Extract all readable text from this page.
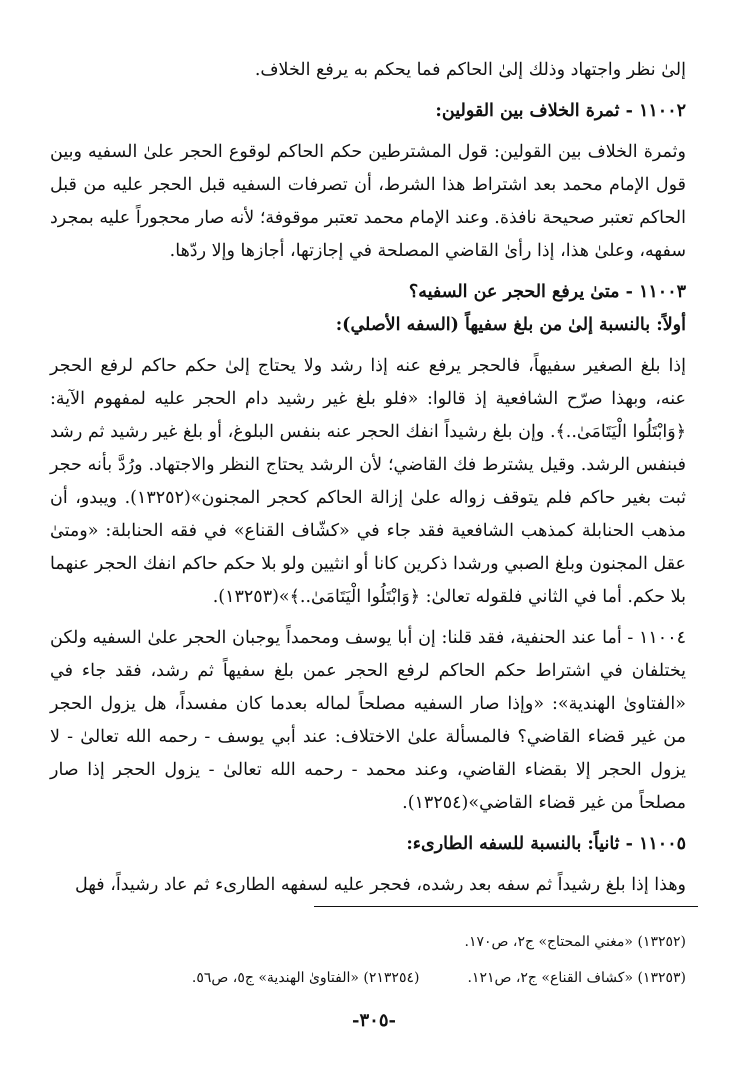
إلىٰ نظر واجتهاد وذلك إلىٰ الحاكم فما يحكم به يرفع الخلاف.

١١٠٠٢ - ثمرة الخلاف بين القولين:

وثمرة الخلاف بين القولين: قول المشترطين حكم الحاكم لوقوع الحجر علىٰ السفيه وبين قول الإمام محمد بعد اشتراط هذا الشرط، أن تصرفات السفيه قبل الحجر عليه من قبل الحاكم تعتبر صحيحة نافذة. وعند الإمام محمد تعتبر موقوفة؛ لأنه صار محجوراً عليه بمجرد سفهه، وعلىٰ هذا، إذا رأىٰ القاضي المصلحة في إجازتها، أجازها وإلا ردّها.

١١٠٠٣ - متىٰ يرفع الحجر عن السفيه؟

أولاً: بالنسبة إلىٰ من بلغ سفيهاً (السفه الأصلي):

إذا بلغ الصغير سفيهاً، فالحجر يرفع عنه إذا رشد ولا يحتاج إلىٰ حكم حاكم لرفع الحجر عنه، وبهذا صرّح الشافعية إذ قالوا: «فلو بلغ غير رشيد دام الحجر عليه لمفهوم الآية: ﴿وَابْتَلُوا الْيَتَامَىٰ..﴾. وإن بلغ رشيداً انفك الحجر عنه بنفس البلوغ، أو بلغ غير رشيد ثم رشد فبنفس الرشد. وقيل يشترط فك القاضي؛ لأن الرشد يحتاج النظر والاجتهاد. ورُدَّ بأنه حجر ثبت بغير حاكم فلم يتوقف زواله علىٰ إزالة الحاكم كحجر المجنون»(١٣٢٥٢). ويبدو، أن مذهب الحنابلة كمذهب الشافعية فقد جاء في «كشّاف القناع» في فقه الحنابلة: «ومتىٰ عقل المجنون وبلغ الصبي ورشدا ذكرين كانا أو انثيين ولو بلا حكم حاكم انفك الحجر عنهما بلا حكم. أما في الثاني فلقوله تعالىٰ: ﴿وَابْتَلُوا الْيَتَامَىٰ..﴾»(١٣٢٥٣).

١١٠٠٤ - أما عند الحنفية، فقد قلنا: إن أبا يوسف ومحمداً يوجبان الحجر علىٰ السفيه ولكن يختلفان في اشتراط حكم الحاكم لرفع الحجر عمن بلغ سفيهاً ثم رشد، فقد جاء في «الفتاوىٰ الهندية»: «وإذا صار السفيه مصلحاً لماله بعدما كان مفسداً، هل يزول الحجر من غير قضاء القاضي؟ فالمسألة علىٰ الاختلاف: عند أبي يوسف - رحمه الله تعالىٰ - لا يزول الحجر إلا بقضاء القاضي، وعند محمد - رحمه الله تعالىٰ - يزول الحجر إذا صار مصلحاً من غير قضاء القاضي»(١٣٢٥٤).

١١٠٠٥ - ثانياً: بالنسبة للسفه الطارىء:

وهذا إذا بلغ رشيداً ثم سفه بعد رشده، فحجر عليه لسفهه الطارىء ثم عاد رشيداً، فهل

(١٣٢٥٢) «مغني المحتاج» ج٢، ص١٧٠.
(١٣٢٥٣) «كشاف القناع» ج٢، ص١٢١.
(٢١٣٢٥٤) «الفتاوىٰ الهندية» ج٥، ص٥٦.
-٣٠٥-
